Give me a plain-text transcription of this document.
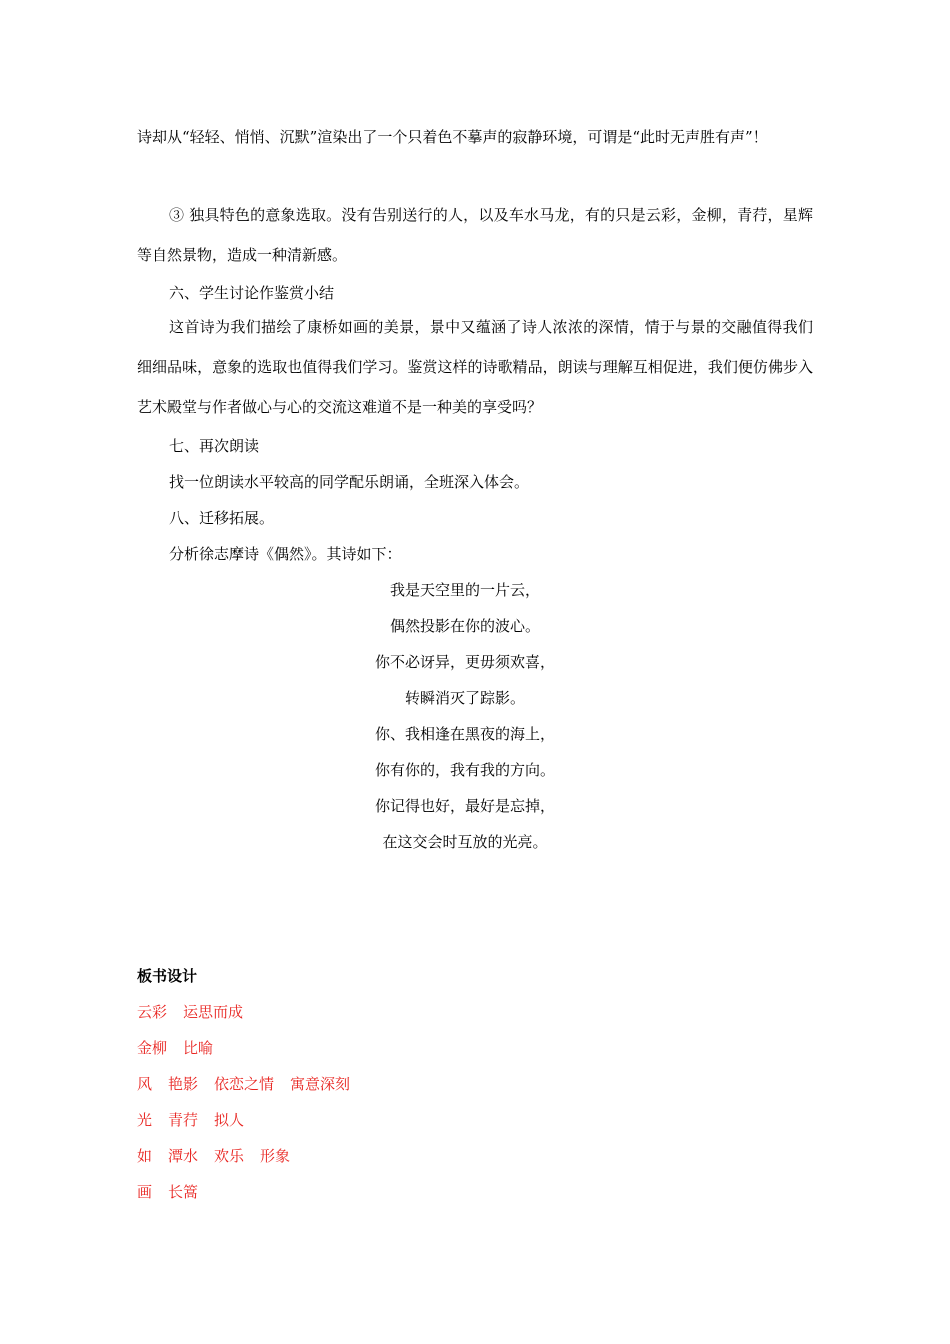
诗却从“轻轻、悄悄、沉默”渲染出了一个只着色不摹声的寂静环境，可谓是“此时无声胜有声”！
③ 独具特色的意象选取。没有告别送行的人，以及车水马龙，有的只是云彩，金柳，青荇，星辉等自然景物，造成一种清新感。
六、学生讨论作鉴赏小结
这首诗为我们描绘了康桥如画的美景，景中又蕴涵了诗人浓浓的深情，情于与景的交融值得我们细细品味，意象的选取也值得我们学习。鉴赏这样的诗歌精品，朗读与理解互相促进，我们便仿佛步入艺术殿堂与作者做心与心的交流这难道不是一种美的享受吗？
七、再次朗读
找一位朗读水平较高的同学配乐朗诵，全班深入体会。
八、迁移拓展。
分析徐志摩诗《偶然》。其诗如下：
我是天空里的一片云，
偶然投影在你的波心。
你不必讶异，更毋须欢喜，
转瞬消灭了踪影。
你、我相逢在黑夜的海上，
你有你的，我有我的方向。
你记得也好，最好是忘掉，
在这交会时互放的光亮。
板书设计
云彩 运思而成
金柳 比喻
风 艳影 依恋之情 寓意深刻
光 青荇 拟人
如 潭水 欢乐 形象
画 长篙
